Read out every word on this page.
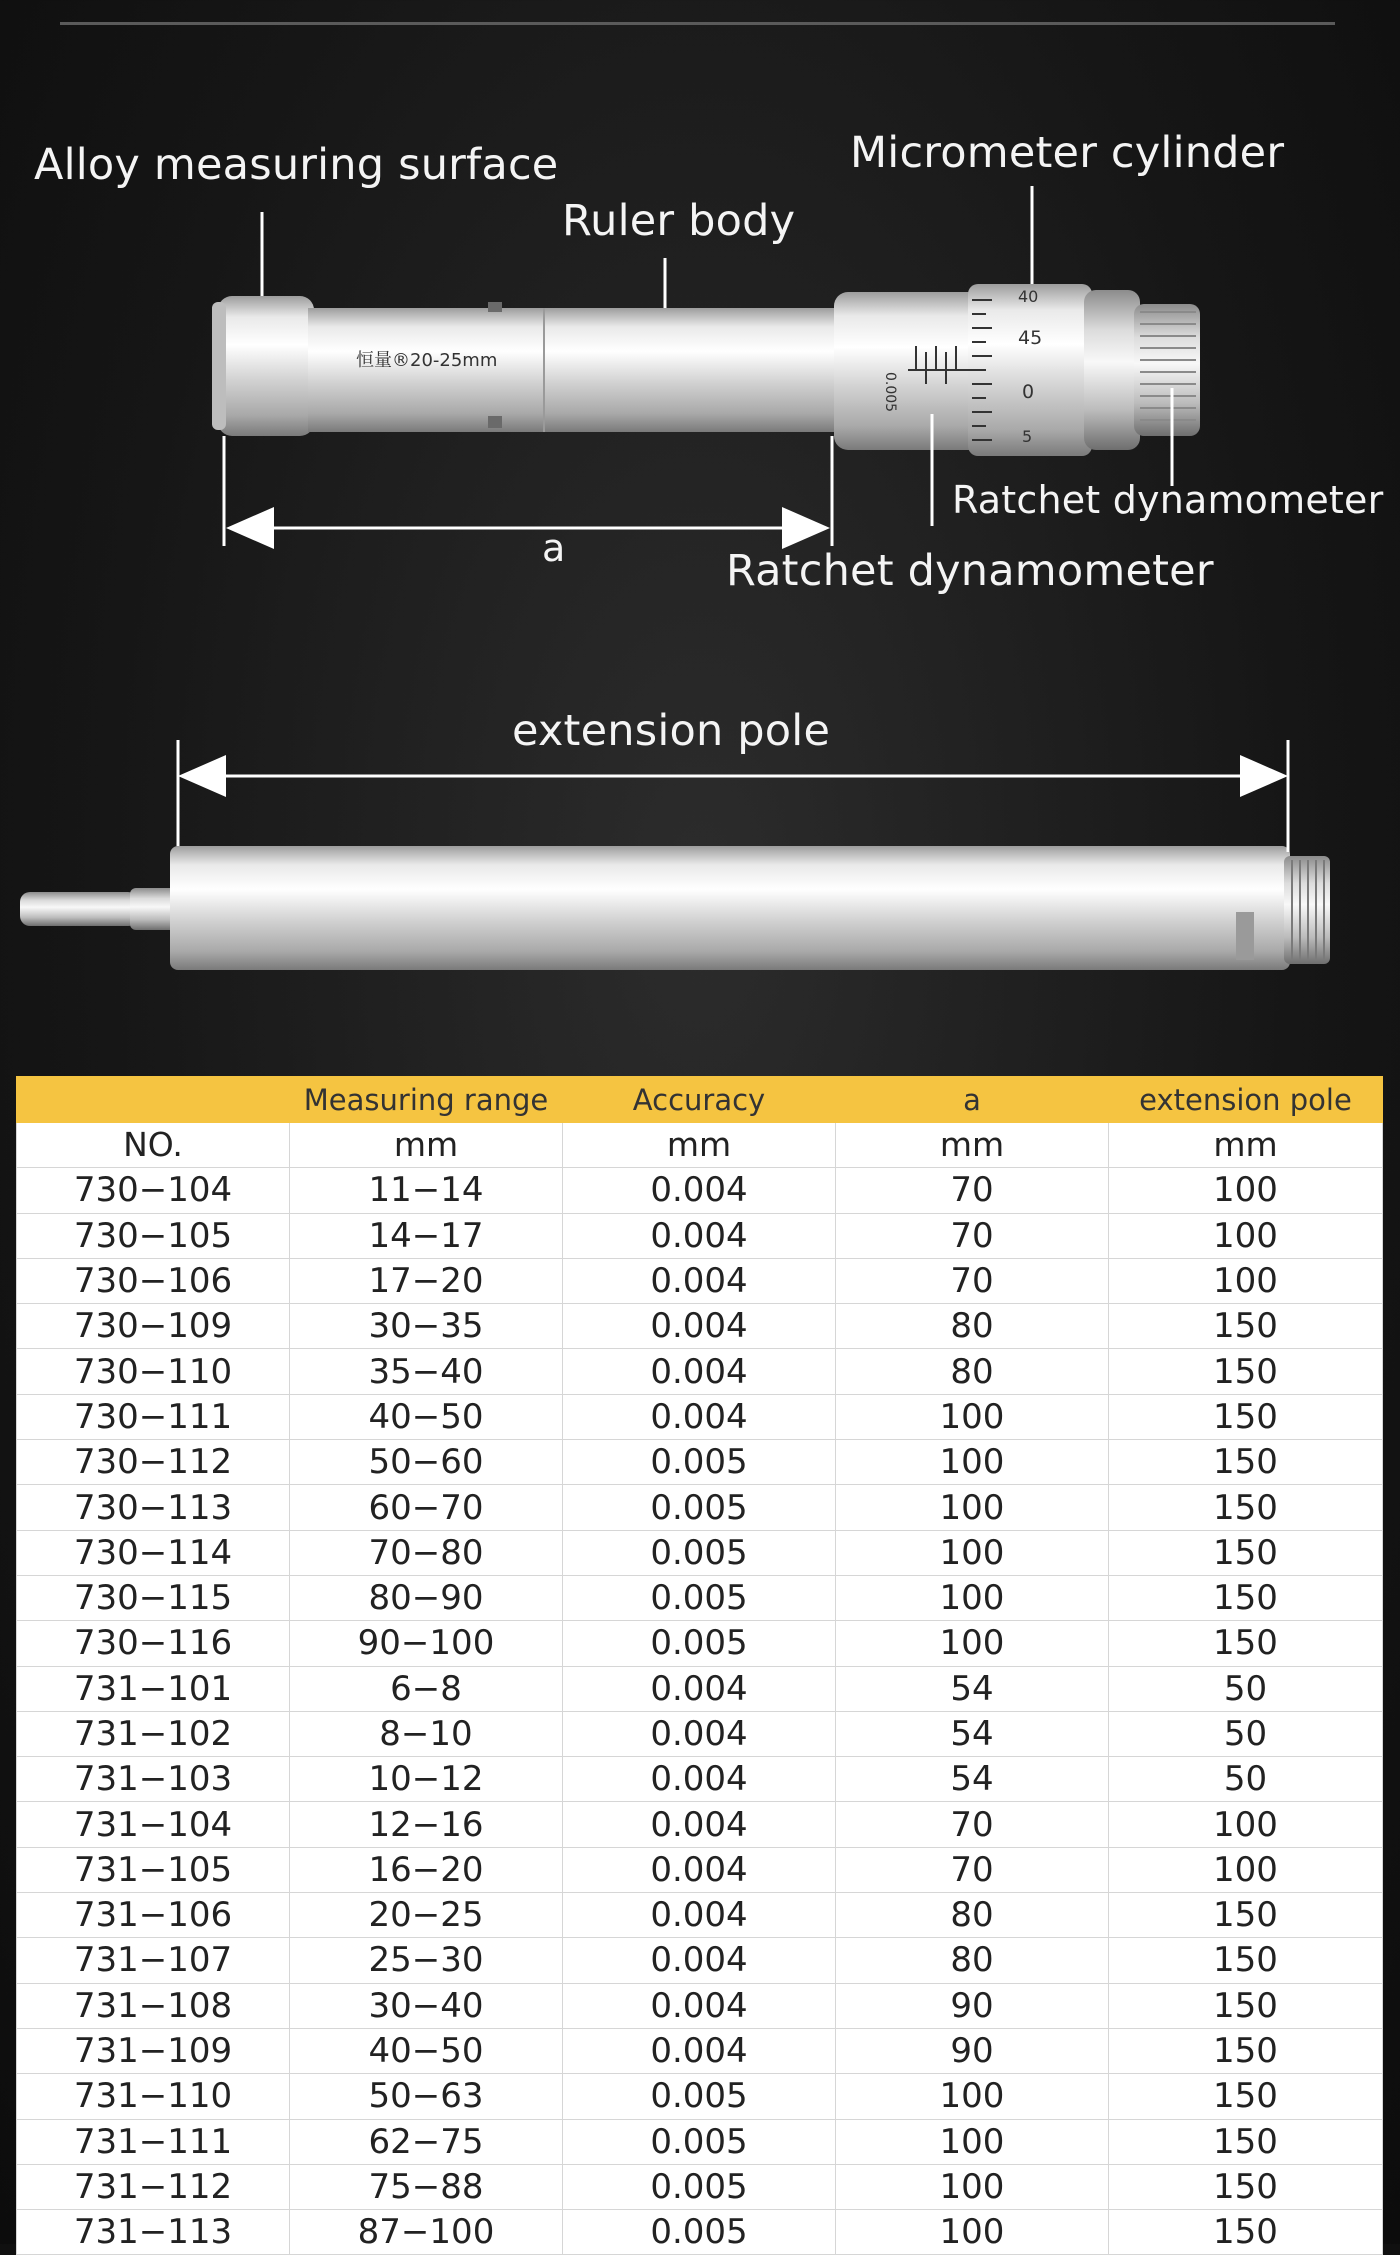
恒量®20-25mm
0.005
40
45
0
5
Alloy measuring surface
Ruler body
Micrometer cylinder
Ratchet dynamometer
Ratchet dynamometer
a
extension pole
	Measuring range	Accuracy	a	extension pole
NO.	mm	mm	mm	mm
730−104	11−14	0.004	70	100
730−105	14−17	0.004	70	100
730−106	17−20	0.004	70	100
730−109	30−35	0.004	80	150
730−110	35−40	0.004	80	150
730−111	40−50	0.004	100	150
730−112	50−60	0.005	100	150
730−113	60−70	0.005	100	150
730−114	70−80	0.005	100	150
730−115	80−90	0.005	100	150
730−116	90−100	0.005	100	150
731−101	6−8	0.004	54	50
731−102	8−10	0.004	54	50
731−103	10−12	0.004	54	50
731−104	12−16	0.004	70	100
731−105	16−20	0.004	70	100
731−106	20−25	0.004	80	150
731−107	25−30	0.004	80	150
731−108	30−40	0.004	90	150
731−109	40−50	0.004	90	150
731−110	50−63	0.005	100	150
731−111	62−75	0.005	100	150
731−112	75−88	0.005	100	150
731−113	87−100	0.005	100	150
